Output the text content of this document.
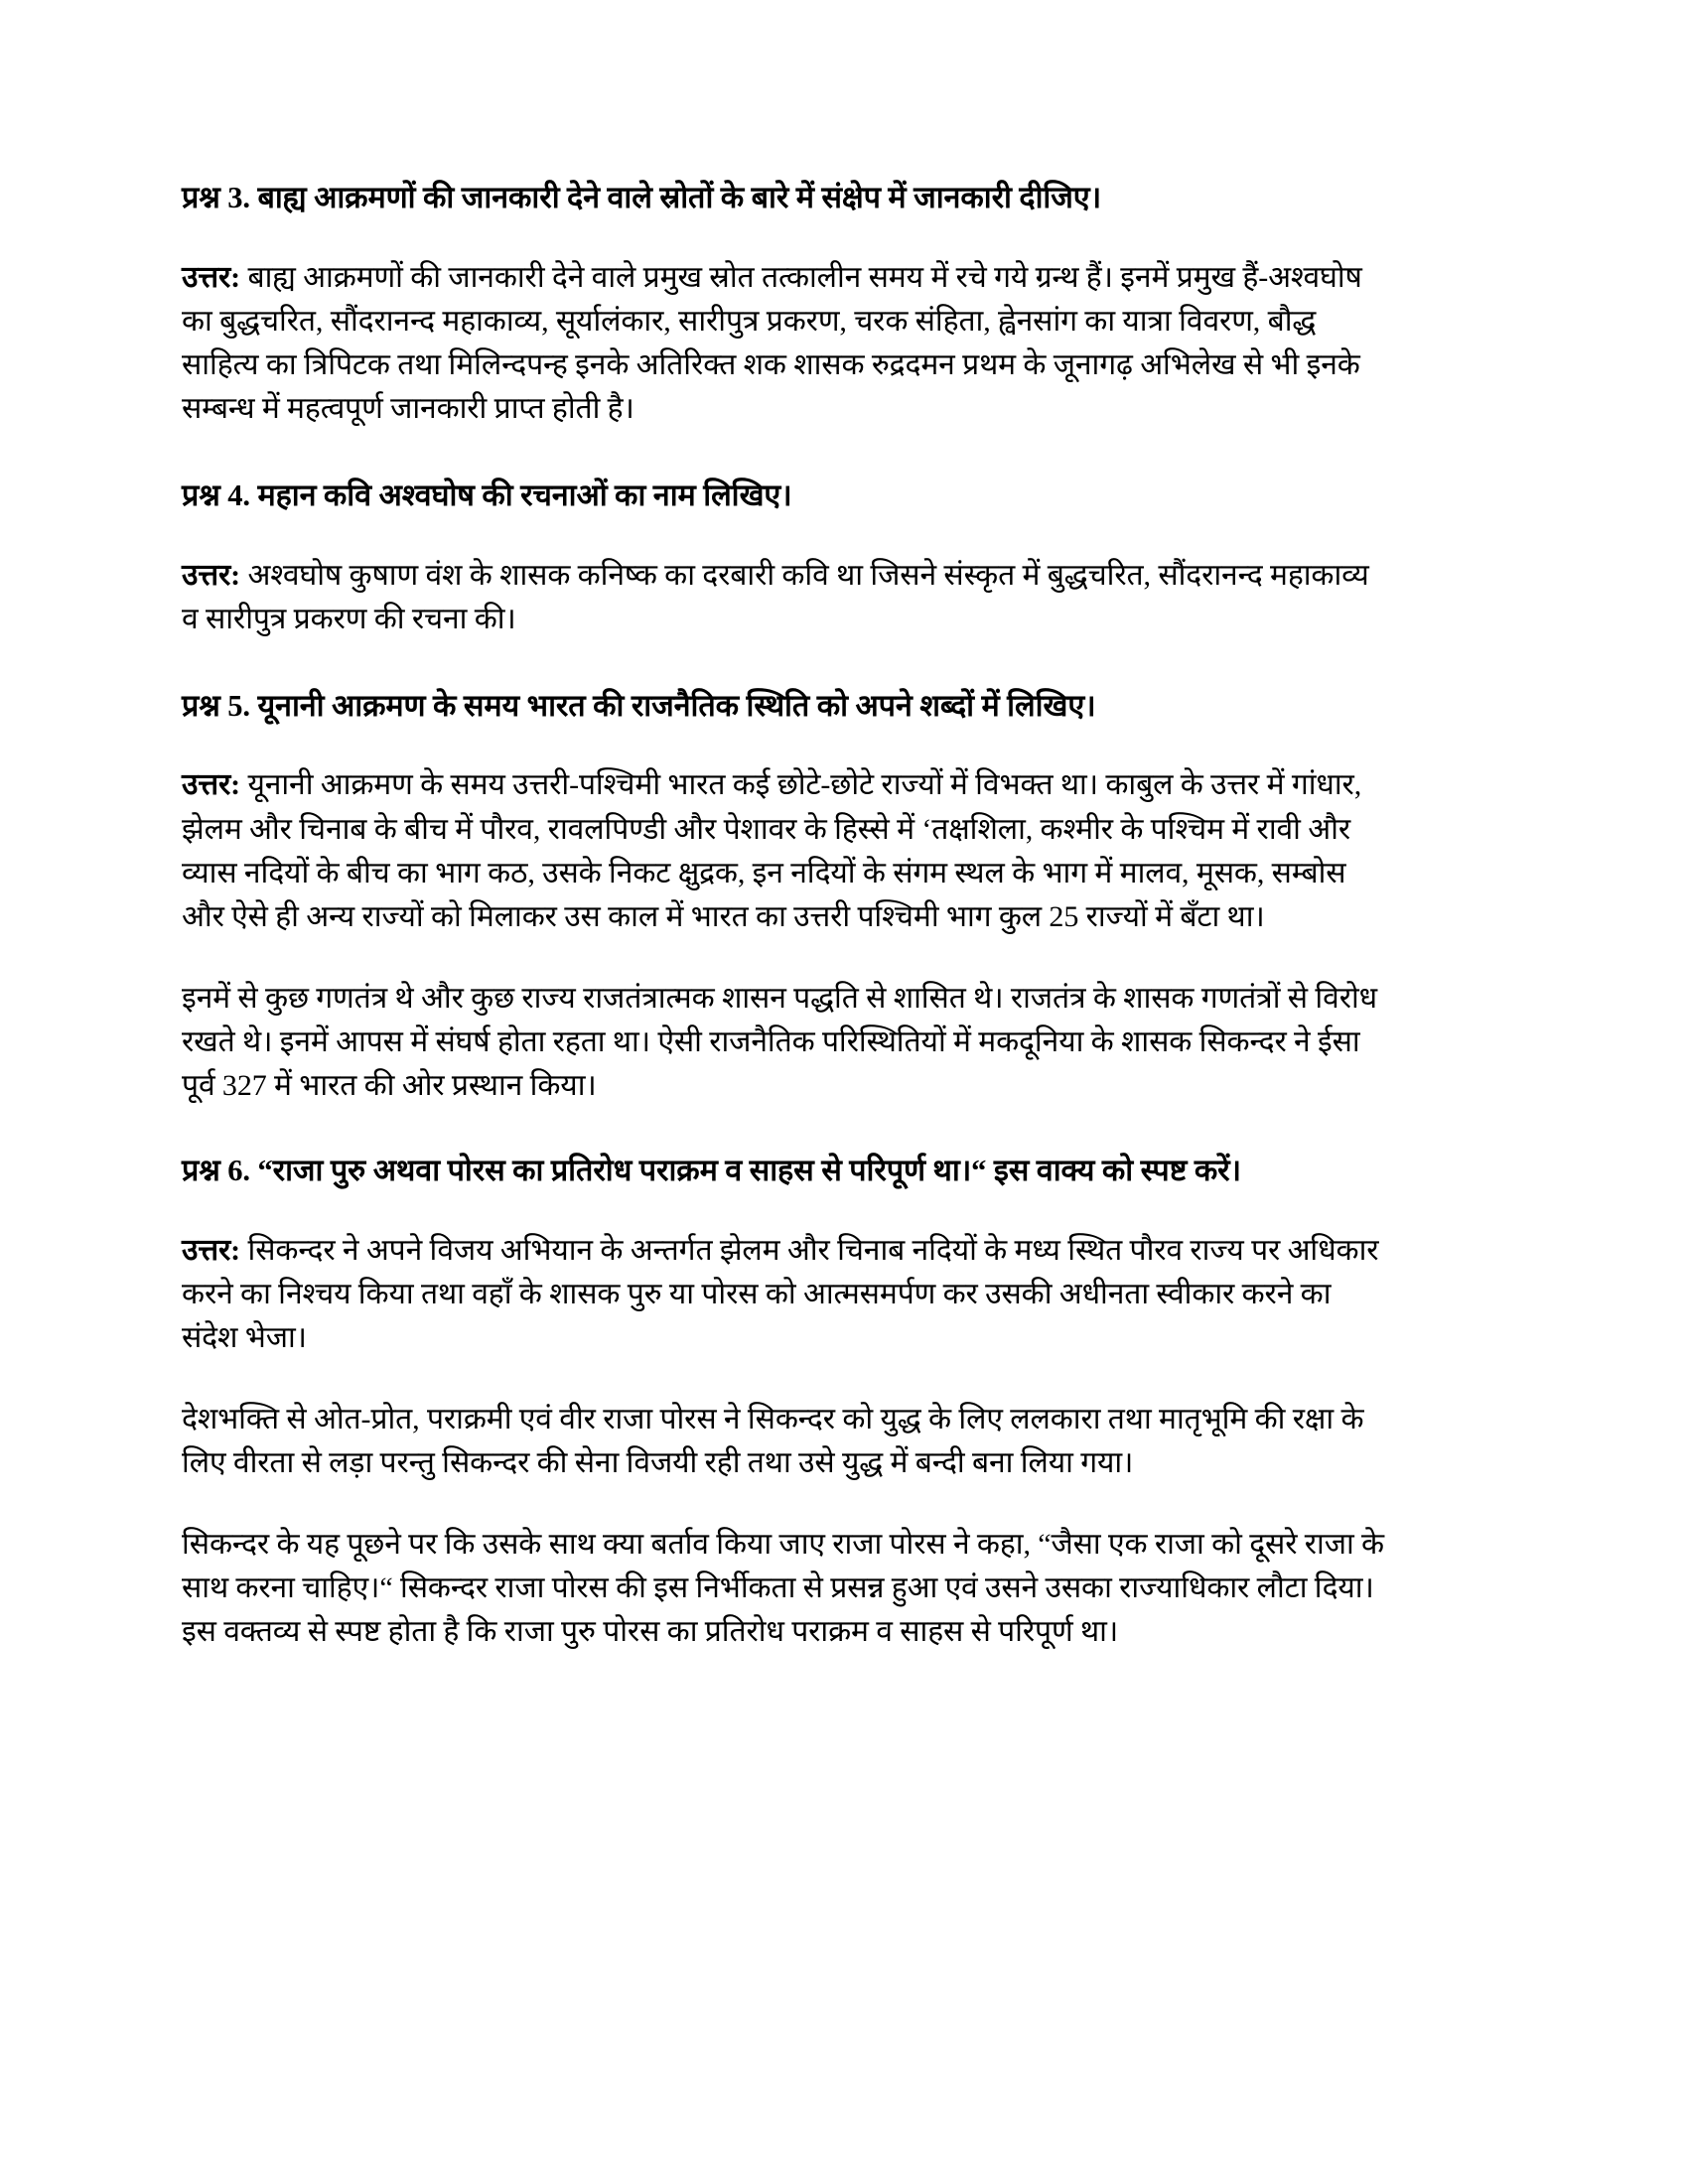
प्रश्न 3. बाह्य आक्रमणों की जानकारी देने वाले स्रोतों के बारे में संक्षेप में जानकारी दीजिए।

उत्तर: बाह्य आक्रमणों की जानकारी देने वाले प्रमुख स्रोत तत्कालीन समय में रचे गये ग्रन्थ हैं। इनमें प्रमुख हैं-अश्वघोष का बुद्धचरित, सौंदरानन्द महाकाव्य, सूर्यालंकार, सारीपुत्र प्रकरण, चरक संहिता, ह्वेनसांग का यात्रा विवरण, बौद्ध साहित्य का त्रिपिटक तथा मिलिन्दपन्ह इनके अतिरिक्त शक शासक रुद्रदमन प्रथम के जूनागढ़ अभिलेख से भी इनके सम्बन्ध में महत्वपूर्ण जानकारी प्राप्त होती है।

प्रश्न 4. महान कवि अश्वघोष की रचनाओं का नाम लिखिए।

उत्तर: अश्वघोष कुषाण वंश के शासक कनिष्क का दरबारी कवि था जिसने संस्कृत में बुद्धचरित, सौंदरानन्द महाकाव्य व सारीपुत्र प्रकरण की रचना की।

प्रश्न 5. यूनानी आक्रमण के समय भारत की राजनैतिक स्थिति को अपने शब्दों में लिखिए।

उत्तर: यूनानी आक्रमण के समय उत्तरी-पश्चिमी भारत कई छोटे-छोटे राज्यों में विभक्त था। काबुल के उत्तर में गांधार, झेलम और चिनाब के बीच में पौरव, रावलपिण्डी और पेशावर के हिस्से में ‘तक्षशिला, कश्मीर के पश्चिम में रावी और व्यास नदियों के बीच का भाग कठ, उसके निकट क्षुद्रक, इन नदियों के संगम स्थल के भाग में मालव, मूसक, सम्बोस और ऐसे ही अन्य राज्यों को मिलाकर उस काल में भारत का उत्तरी पश्चिमी भाग कुल 25 राज्यों में बँटा था।

इनमें से कुछ गणतंत्र थे और कुछ राज्य राजतंत्रात्मक शासन पद्धति से शासित थे। राजतंत्र के शासक गणतंत्रों से विरोध रखते थे। इनमें आपस में संघर्ष होता रहता था। ऐसी राजनैतिक परिस्थितियों में मकदूनिया के शासक सिकन्दर ने ईसा पूर्व 327 में भारत की ओर प्रस्थान किया।

प्रश्न 6. “राजा पुरु अथवा पोरस का प्रतिरोध पराक्रम व साहस से परिपूर्ण था।“ इस वाक्य को स्पष्ट करें।

उत्तर: सिकन्दर ने अपने विजय अभियान के अन्तर्गत झेलम और चिनाब नदियों के मध्य स्थित पौरव राज्य पर अधिकार करने का निश्चय किया तथा वहाँ के शासक पुरु या पोरस को आत्मसमर्पण कर उसकी अधीनता स्वीकार करने का संदेश भेजा।

देशभक्ति से ओत-प्रोत, पराक्रमी एवं वीर राजा पोरस ने सिकन्दर को युद्ध के लिए ललकारा तथा मातृभूमि की रक्षा के लिए वीरता से लड़ा परन्तु सिकन्दर की सेना विजयी रही तथा उसे युद्ध में बन्दी बना लिया गया।

सिकन्दर के यह पूछने पर कि उसके साथ क्या बर्ताव किया जाए राजा पोरस ने कहा, “जैसा एक राजा को दूसरे राजा के साथ करना चाहिए।“ सिकन्दर राजा पोरस की इस निर्भीकता से प्रसन्न हुआ एवं उसने उसका राज्याधिकार लौटा दिया। इस वक्तव्य से स्पष्ट होता है कि राजा पुरु पोरस का प्रतिरोध पराक्रम व साहस से परिपूर्ण था।
